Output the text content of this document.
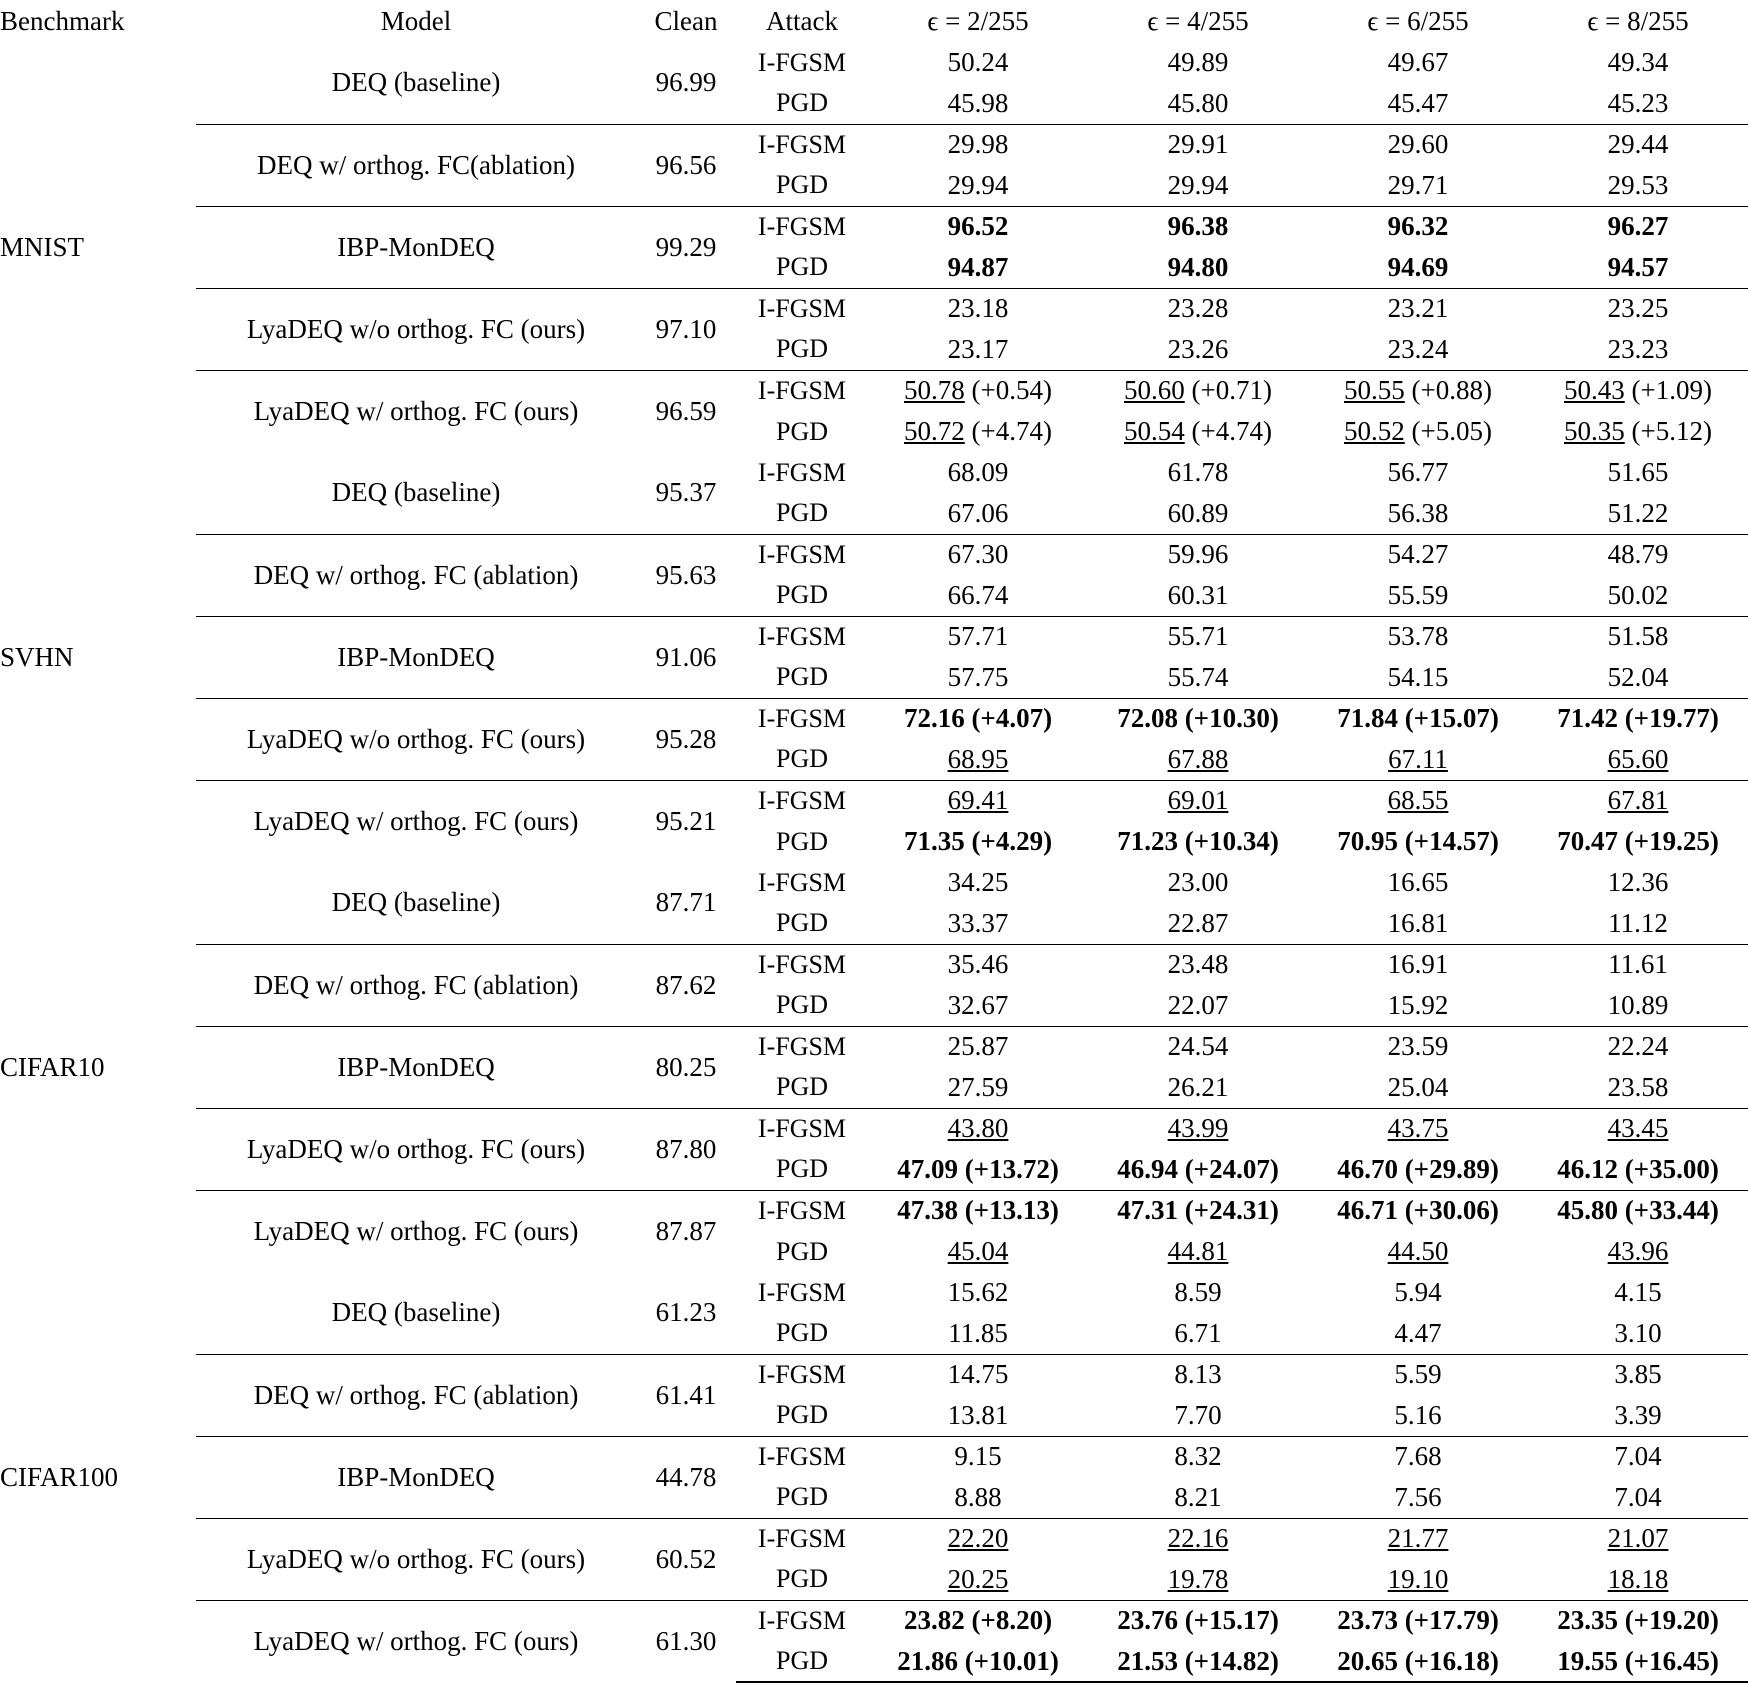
Benchmark	Model	Clean	Attack	ϵ = 2/255	ϵ = 4/255	ϵ = 6/255	ϵ = 8/255
MNIST	DEQ (baseline)	96.99	I-FGSM	50.24	49.89	49.67	49.34
			PGD	45.98	45.80	45.47	45.23
	DEQ w/ orthog. FC(ablation)	96.56	I-FGSM	29.98	29.91	29.60	29.44
			PGD	29.94	29.94	29.71	29.53
	IBP-MonDEQ	99.29	I-FGSM	96.52	96.38	96.32	96.27
			PGD	94.87	94.80	94.69	94.57
	LyaDEQ w/o orthog. FC (ours)	97.10	I-FGSM	23.18	23.28	23.21	23.25
			PGD	23.17	23.26	23.24	23.23
	LyaDEQ w/ orthog. FC (ours)	96.59	I-FGSM	50.78 (+0.54)	50.60 (+0.71)	50.55 (+0.88)	50.43 (+1.09)
			PGD	50.72 (+4.74)	50.54 (+4.74)	50.52 (+5.05)	50.35 (+5.12)
SVHN	DEQ (baseline)	95.37	I-FGSM	68.09	61.78	56.77	51.65
			PGD	67.06	60.89	56.38	51.22
	DEQ w/ orthog. FC (ablation)	95.63	I-FGSM	67.30	59.96	54.27	48.79
			PGD	66.74	60.31	55.59	50.02
	IBP-MonDEQ	91.06	I-FGSM	57.71	55.71	53.78	51.58
			PGD	57.75	55.74	54.15	52.04
	LyaDEQ w/o orthog. FC (ours)	95.28	I-FGSM	72.16 (+4.07)	72.08 (+10.30)	71.84 (+15.07)	71.42 (+19.77)
			PGD	68.95	67.88	67.11	65.60
	LyaDEQ w/ orthog. FC (ours)	95.21	I-FGSM	69.41	69.01	68.55	67.81
			PGD	71.35 (+4.29)	71.23 (+10.34)	70.95 (+14.57)	70.47 (+19.25)
CIFAR10	DEQ (baseline)	87.71	I-FGSM	34.25	23.00	16.65	12.36
			PGD	33.37	22.87	16.81	11.12
	DEQ w/ orthog. FC (ablation)	87.62	I-FGSM	35.46	23.48	16.91	11.61
			PGD	32.67	22.07	15.92	10.89
	IBP-MonDEQ	80.25	I-FGSM	25.87	24.54	23.59	22.24
			PGD	27.59	26.21	25.04	23.58
	LyaDEQ w/o orthog. FC (ours)	87.80	I-FGSM	43.80	43.99	43.75	43.45
			PGD	47.09 (+13.72)	46.94 (+24.07)	46.70 (+29.89)	46.12 (+35.00)
	LyaDEQ w/ orthog. FC (ours)	87.87	I-FGSM	47.38 (+13.13)	47.31 (+24.31)	46.71 (+30.06)	45.80 (+33.44)
			PGD	45.04	44.81	44.50	43.96
CIFAR100	DEQ (baseline)	61.23	I-FGSM	15.62	8.59	5.94	4.15
			PGD	11.85	6.71	4.47	3.10
	DEQ w/ orthog. FC (ablation)	61.41	I-FGSM	14.75	8.13	5.59	3.85
			PGD	13.81	7.70	5.16	3.39
	IBP-MonDEQ	44.78	I-FGSM	9.15	8.32	7.68	7.04
			PGD	8.88	8.21	7.56	7.04
	LyaDEQ w/o orthog. FC (ours)	60.52	I-FGSM	22.20	22.16	21.77	21.07
			PGD	20.25	19.78	19.10	18.18
	LyaDEQ w/ orthog. FC (ours)	61.30	I-FGSM	23.82 (+8.20)	23.76 (+15.17)	23.73 (+17.79)	23.35 (+19.20)
			PGD	21.86 (+10.01)	21.53 (+14.82)	20.65 (+16.18)	19.55 (+16.45)
